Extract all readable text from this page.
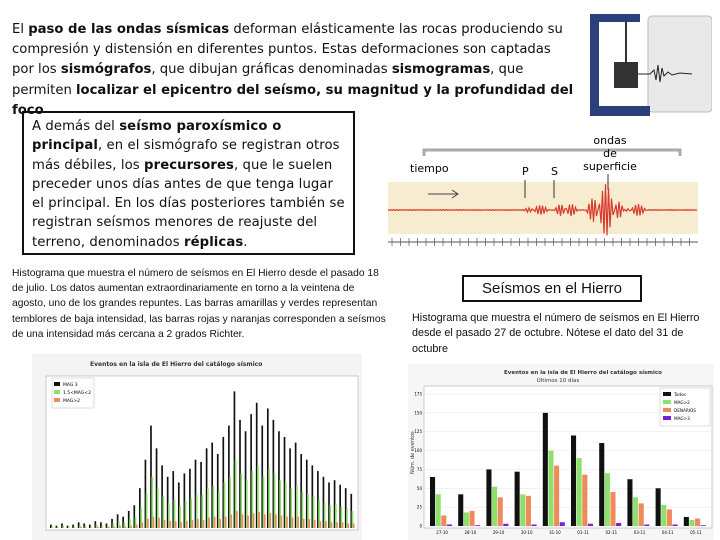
El paso de las ondas sísmicas deforman elásticamente las rocas produciendo su compresión y distensión en diferentes puntos. Estas deformaciones son captadas por los sismógrafos, que dibujan gráficas denominadas sismogramas, que permiten localizar el epicentro del seísmo, su magnitud y la profundidad del foco
A demás del seísmo paroxísmico o principal, en el sismógrafo se registran otros más débiles, los precursores, que le suelen preceder unos días antes de que tenga lugar el principal. En los días posteriores también se registran seísmos menores de reajuste del terreno, denominados réplicas.
tiempo	P S
ondas
de
superficie
Histograma que muestra el número de seísmos en El Hierro desde el pasado 18 de julio. Los datos aumentan extraordinariamente en torno a la veintena de agosto, uno de los grandes repuntes. Las barras amarillas y verdes representan temblores de baja intensidad, las barras rojas y naranjas corresponden a seísmos de una intensidad más cercana a 2 grados Richter.
Seísmos en el Hierro
Histograma que muestra el número de seísmos en El Hierro desde el pasado 27 de octubre. Nótese el dato del 31 de octubre
Eventos en la isla de El Hierro del catálogo sísmico
MAG 3
1.5<MAG<2
MAG>2
Eventos en la isla de El Hierro del catálogo sísmico
Últimos 10 días
Núm. de eventos
0
25
50
75
100
125
150
175
27-10	28-10	29-10	30-10	31-10	01-11	02-11	03-11	04-11	05-11
Todos
MAG>2
DENARIOS
MAG>3
